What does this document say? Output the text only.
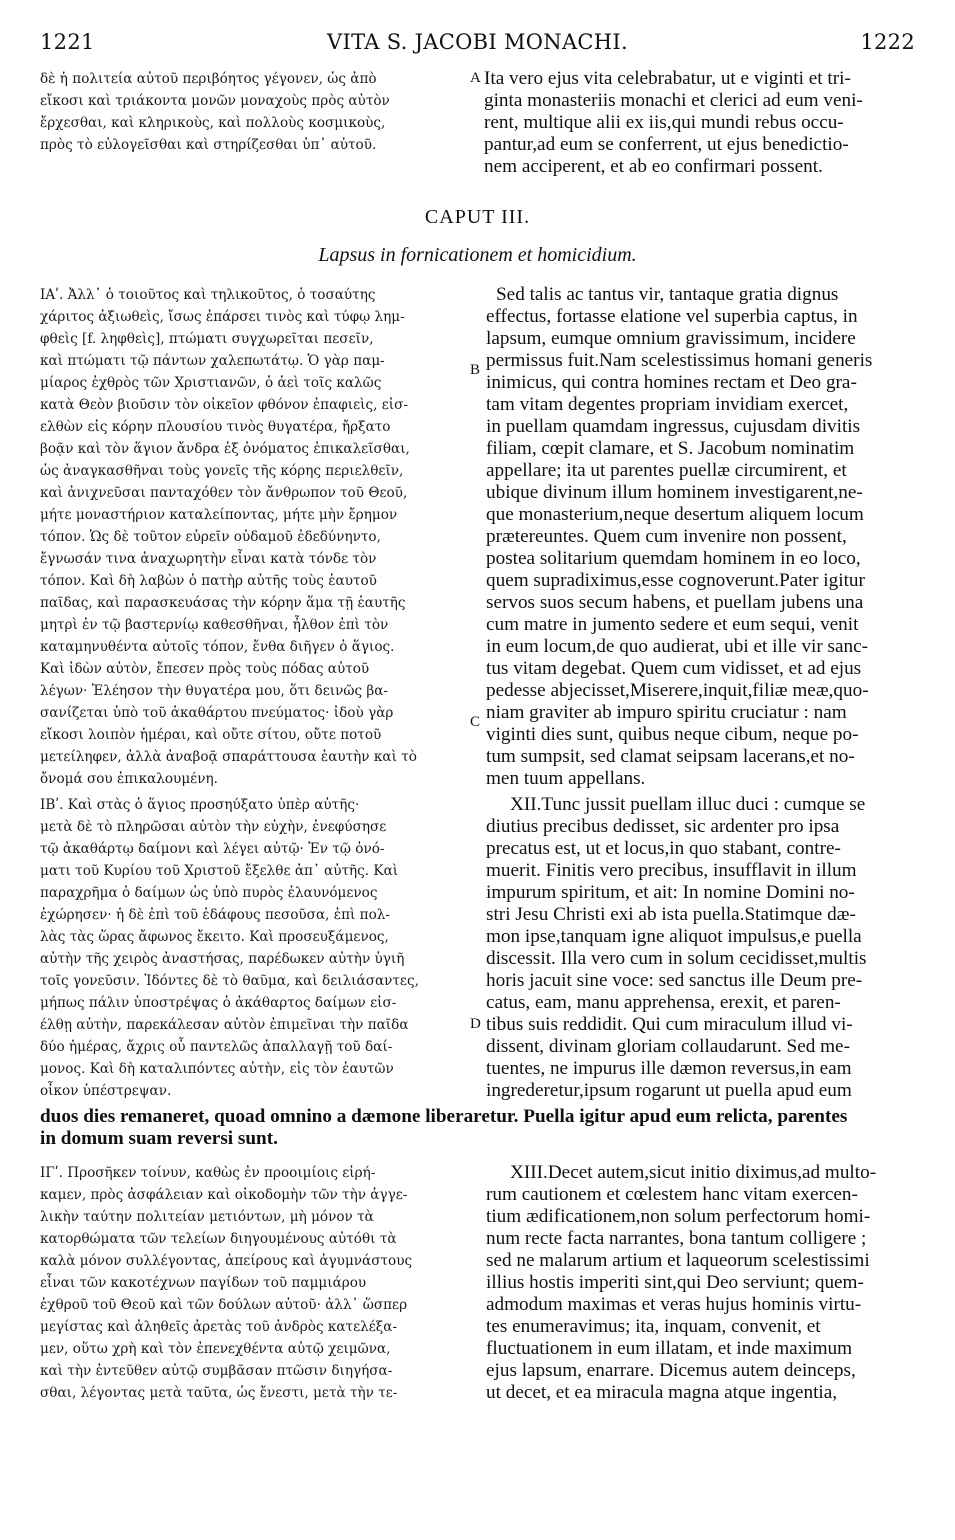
1221	VITA S. JACOBI MONACHI.	1222
δὲ ἡ πολιτεία αὐτοῦ περιβόητος γέγονεν, ὡς ἀπὸ
εἴκοσι καὶ τριάκοντα μονῶν μοναχοὺς πρὸς αὐτὸν
ἔρχεσθαι, καὶ κληρικοὺς, καὶ πολλοὺς κοσμικοὺς,
πρὸς τὸ εὐλογεῖσθαι καὶ στηρίζεσθαι ὑπ᾽ αὐτοῦ.
Ita vero ejus vita celebrabatur, ut e viginti et tri-
ginta monasteriis monachi et clerici ad eum veni-
rent, multique alii ex iis,qui mundi rebus occu-
pantur,ad eum se conferrent, ut ejus benedictio-
nem acciperent, et ab eo confirmari possent.
CAPUT III.
Lapsus in fornicationem et homicidium.
ΙΑʹ. Ἀλλ᾽ ὁ τοιοῦτος καὶ τηλικοῦτος, ὁ τοσαύτης
χάριτος ἀξιωθεὶς, ἴσως ἐπάρσει τινὸς καὶ τύφῳ λημ-
φθεὶς [f. ληφθεὶς], πτώματι συγχωρεῖται πεσεῖν,
καὶ πτώματι τῷ πάντων χαλεπωτάτῳ. Ὁ γὰρ παμ-
μίαρος ἐχθρὸς τῶν Χριστιανῶν, ὁ ἀεὶ τοῖς καλῶς
κατὰ Θεὸν βιοῦσιν τὸν οἰκεῖον φθόνον ἐπαφιεὶς, εἰσ-
ελθὼν εἰς κόρην πλουσίου τινὸς θυγατέρα, ἤρξατο
βοᾷν καὶ τὸν ἅγιον ἄνδρα ἐξ ὀνόματος ἐπικαλεῖσθαι,
ὡς ἀναγκασθῆναι τοὺς γονεῖς τῆς κόρης περιελθεῖν,
καὶ ἀνιχνεῦσαι πανταχόθεν τὸν ἄνθρωπον τοῦ Θεοῦ,
μήτε μοναστήριον καταλείποντας, μήτε μὴν ἔρημον
τόπον. Ὡς δὲ τοῦτον εὑρεῖν οὐδαμοῦ ἐδεδύνηντο,
ἔγνωσάν τινα ἀναχωρητὴν εἶναι κατὰ τόνδε τὸν
τόπον. Καὶ δὴ λαβὼν ὁ πατὴρ αὐτῆς τοὺς ἑαυτοῦ
παῖδας, καὶ παρασκευάσας τὴν κόρην ἅμα τῇ ἑαυτῆς
μητρὶ ἐν τῷ βαστερνίῳ καθεσθῆναι, ἦλθον ἐπὶ τὸν
καταμηνυθέντα αὐτοῖς τόπον, ἔνθα διῆγεν ὁ ἅγιος.
Καὶ ἰδὼν αὐτὸν, ἔπεσεν πρὸς τοὺς πόδας αὐτοῦ
λέγων· Ἐλέησον τὴν θυγατέρα μου, ὅτι δεινῶς βα-
σανίζεται ὑπὸ τοῦ ἀκαθάρτου πνεύματος· ἰδοὺ γὰρ
εἴκοσι λοιπὸν ἡμέραι, καὶ οὔτε σίτου, οὔτε ποτοῦ
μετείληφεν, ἀλλὰ ἀναβοᾷ σπαράττουσα ἑαυτὴν καὶ τὸ
ὄνομά σου ἐπικαλουμένη.
ΙΒʹ. Καὶ στὰς ὁ ἅγιος προσηύξατο ὑπὲρ αὐτῆς·
μετὰ δὲ τὸ πληρῶσαι αὐτὸν τὴν εὐχὴν, ἐνεφύσησε
τῷ ἀκαθάρτῳ δαίμονι καὶ λέγει αὐτῷ· Ἐν τῷ ὀνό-
ματι τοῦ Κυρίου τοῦ Χριστοῦ ἔξελθε ἀπ᾽ αὐτῆς. Καὶ
παραχρῆμα ὁ δαίμων ὡς ὑπὸ πυρὸς ἐλαυνόμενος
ἐχώρησεν· ἡ δὲ ἐπὶ τοῦ ἐδάφους πεσοῦσα, ἐπὶ πολ-
λὰς τὰς ὥρας ἄφωνος ἔκειτο. Καὶ προσευξάμενος,
αὐτὴν τῆς χειρὸς ἀναστήσας, παρέδωκεν αὐτὴν ὑγιῆ
τοῖς γονεῦσιν. Ἰδόντες δὲ τὸ θαῦμα, καὶ δειλιάσαντες,
μήπως πάλιν ὑποστρέψας ὁ ἀκάθαρτος δαίμων εἰσ-
έλθῃ αὐτὴν, παρεκάλεσαν αὐτὸν ἐπιμεῖναι τὴν παῖδα
δύο ἡμέρας, ἄχρις οὗ παντελῶς ἀπαλλαγῇ τοῦ δαί-
μονος. Καὶ δὴ καταλιπόντες αὐτὴν, εἰς τὸν ἑαυτῶν
οἶκον ὑπέστρεψαν.
Sed talis ac tantus vir, tantaque gratia dignus
effectus, fortasse elatione vel superbia captus, in
lapsum, eumque omnium gravissimum, incidere
permissus fuit.Nam scelestissimus homani generis
inimicus, qui contra homines rectam et Deo gra-
tam vitam degentes propriam invidiam exercet,
in puellam quamdam ingressus, cujusdam divitis
filiam, cœpit clamare, et S. Jacobum nominatim
appellare; ita ut parentes puellæ circumirent, et
ubique divinum illum hominem investigarent,ne-
que monasterium,neque desertum aliquem locum
prætereuntes. Quem cum invenire non possent,
postea solitarium quemdam hominem in eo loco,
quem supradiximus,esse cognoverunt.Pater igitur
servos suos secum habens, et puellam jubens una
cum matre in jumento sedere et eum sequi, venit
in eum locum,de quo audierat, ubi et ille vir sanc-
tus vitam degebat. Quem cum vidisset, et ad ejus
pedesse abjecisset,Miserere,inquit,filiæ meæ,quo-
niam graviter ab impuro spiritu cruciatur : nam
viginti dies sunt, quibus neque cibum, neque po-
tum sumpsit, sed clamat seipsam lacerans,et no-
men tuum appellans.
XII.Tunc jussit puellam illuc duci : cumque se
diutius precibus dedisset, sic ardenter pro ipsa
precatus est, ut et locus,in quo stabant, contre-
muerit. Finitis vero precibus, insufflavit in illum
impurum spiritum, et ait: In nomine Domini no-
stri Jesu Christi exi ab ista puella.Statimque dæ-
mon ipse,tanquam igne aliquot impulsus,e puella
discessit. Illa vero cum in solum cecidisset,multis
horis jacuit sine voce: sed sanctus ille Deum pre-
catus, eam, manu apprehensa, erexit, et paren-
tibus suis reddidit. Qui cum miraculum illud vi-
dissent, divinam gloriam collaudarunt. Sed me-
tuentes, ne impurus ille dæmon reversus,in eam
ingrederetur,ipsum rogarunt ut puella apud eum
duos dies remaneret, quoad omnino a dæmone liberaretur. Puella igitur apud eum relicta, parentes
in domum suam reversi sunt.
ΙΓʹ. Προσῆκεν τοίνυν, καθὼς ἐν προοιμίοις εἰρή-
καμεν, πρὸς ἀσφάλειαν καὶ οἰκοδομὴν τῶν τὴν ἀγγε-
λικὴν ταύτην πολιτείαν μετιόντων, μὴ μόνον τὰ
κατορθώματα τῶν τελείων διηγουμένους αὐτόθι τὰ
καλὰ μόνον συλλέγοντας, ἀπείρους καὶ ἀγυμνάστους
εἶναι τῶν κακοτέχνων παγίδων τοῦ παμμιάρου
ἐχθροῦ τοῦ Θεοῦ καὶ τῶν δούλων αὐτοῦ· ἀλλ᾽ ὥσπερ
μεγίστας καὶ ἀληθεῖς ἀρετὰς τοῦ ἀνδρὸς κατελέξα-
μεν, οὕτω χρὴ καὶ τὸν ἐπενεχθέντα αὐτῷ χειμῶνα,
καὶ τὴν ἐντεῦθεν αὐτῷ συμβᾶσαν πτῶσιν διηγήσα-
σθαι, λέγοντας μετὰ ταῦτα, ὡς ἔνεστι, μετὰ τὴν τε-
XIII.Decet autem,sicut initio diximus,ad multo-
rum cautionem et cœlestem hanc vitam exercen-
tium ædificationem,non solum perfectorum homi-
num recte facta narrantes, bona tantum colligere ;
sed ne malarum artium et laqueorum scelestissimi
illius hostis imperiti sint,qui Deo serviunt; quem-
admodum maximas et veras hujus hominis virtu-
tes enumeravimus; ita, inquam, convenit, et
fluctuationem in eum illatam, et inde maximum
ejus lapsum, enarrare. Dicemus autem deinceps,
ut decet, et ea miracula magna atque ingentia,
A
B
C
D
